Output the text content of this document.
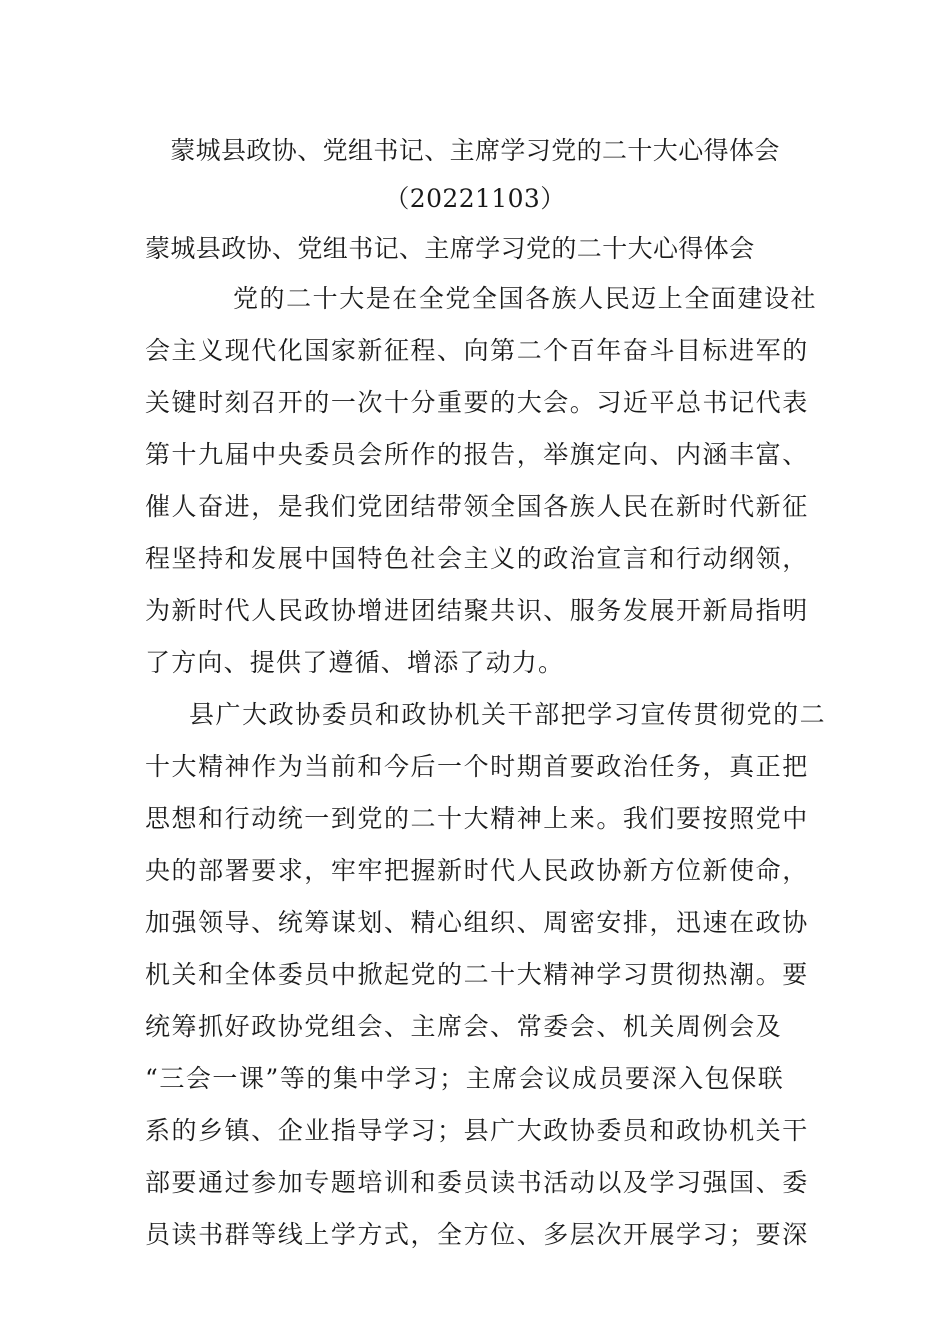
蒙城县政协、党组书记、主席学习党的二十大心得体会
（20221103）
蒙城县政协、党组书记、主席学习党的二十大心得体会
党的二十大是在全党全国各族人民迈上全面建设社
会主义现代化国家新征程、向第二个百年奋斗目标进军的
关键时刻召开的一次十分重要的大会。习近平总书记代表
第十九届中央委员会所作的报告，举旗定向、内涵丰富、
催人奋进，是我们党团结带领全国各族人民在新时代新征
程坚持和发展中国特色社会主义的政治宣言和行动纲领，
为新时代人民政协增进团结聚共识、服务发展开新局指明
了方向、提供了遵循、增添了动力。
县广大政协委员和政协机关干部把学习宣传贯彻党的二
十大精神作为当前和今后一个时期首要政治任务，真正把
思想和行动统一到党的二十大精神上来。我们要按照党中
央的部署要求，牢牢把握新时代人民政协新方位新使命，
加强领导、统筹谋划、精心组织、周密安排，迅速在政协
机关和全体委员中掀起党的二十大精神学习贯彻热潮。要
统筹抓好政协党组会、主席会、常委会、机关周例会及
“三会一课”等的集中学习；主席会议成员要深入包保联
系的乡镇、企业指导学习；县广大政协委员和政协机关干
部要通过参加专题培训和委员读书活动以及学习强国、委
员读书群等线上学方式，全方位、多层次开展学习；要深
